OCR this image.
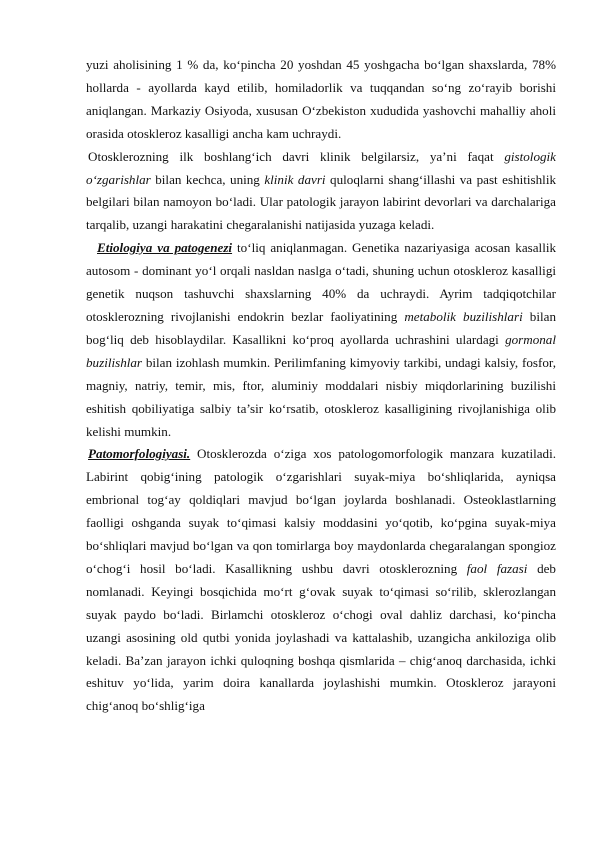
yuzi aholisining 1 % da, ko‘pincha 20 yoshdan 45 yoshgacha bo‘lgan shaxslarda, 78% hollarda - ayollarda kayd etilib, homiladorlik va tuqqandan so‘ng zo‘rayib borishi aniqlangan. Markaziy Osiyoda, xususan O‘zbekiston xududida yashovchi mahalliy aholi orasida otoskleroz kasalligi ancha kam uchraydi.

Otosklerozning ilk boshlang‘ich davri klinik belgilarsiz, ya’ni faqat gistologik o‘zgarishlar bilan kechca, uning klinik davri quloqlarni shang‘illashi va past eshitishlik belgilari bilan namoyon bo‘ladi. Ular patologik jarayon labirint devorlari va darchalariga tarqalib, uzangi harakatini chegaralanishi natijasida yuzaga keladi.

Etiologiya va patogenezi to‘liq aniqlanmagan. Genetika nazariyasiga acosan kasallik autosom - dominant yo‘l orqali nasldan naslga o‘tadi, shuning uchun otoskleroz kasalligi genetik nuqson tashuvchi shaxslarning 40% da uchraydi. Ayrim tadqiqotchilar otosklerozning rivojlanishi endokrin bezlar faoliyatining metabolik buzilishlari bilan bog‘liq deb hisoblaydilar. Kasallikni ko‘proq ayollarda uchrashini ulardagi gormonal buzilishlar bilan izohlash mumkin. Perilimfaning kimyoviy tarkibi, undagi kalsiy, fosfor, magniy, natriy, temir, mis, ftor, aluminiy moddalari nisbiy miqdorlarining buzilishi eshitish qobiliyatiga salbiy ta’sir ko‘rsatib, otoskleroz kasalligining rivojlanishiga olib kelishi mumkin.

Patomorfologiyasi. Otosklerozda o‘ziga xos patologomorfologik manzara kuzatiladi. Labirint qobig‘ining patologik o‘zgarishlari suyak-miya bo‘shliqlarida, ayniqsa embrional tog‘ay qoldiqlari mavjud bo‘lgan joylarda boshlanadi. Osteoklastlarning faolligi oshganda suyak to‘qimasi kalsiy moddasini yo‘qotib, ko‘pgina suyak-miya bo‘shliqlari mavjud bo‘lgan va qon tomirlarga boy maydonlarda chegaralangan spongioz o‘chog‘i hosil bo‘ladi. Kasallikning ushbu davri otosklerozning faol fazasi deb nomlanadi. Keyingi bosqichida mo‘rt g‘ovak suyak to‘qimasi so‘rilib, sklerozlangan suyak paydo bo‘ladi. Birlamchi otoskleroz o‘chogi oval dahliz darchasi, ko‘pincha uzangi asosining old qutbi yonida joylashadi va kattalashib, uzangicha ankiloziga olib keladi. Ba’zan jarayon ichki quloqning boshqa qismlarida – chig‘anoq darchasida, ichki eshituv yo‘lida, yarim doira kanallarda joylashishi mumkin. Otoskleroz jarayoni chig‘anoq bo‘shlig‘iga
